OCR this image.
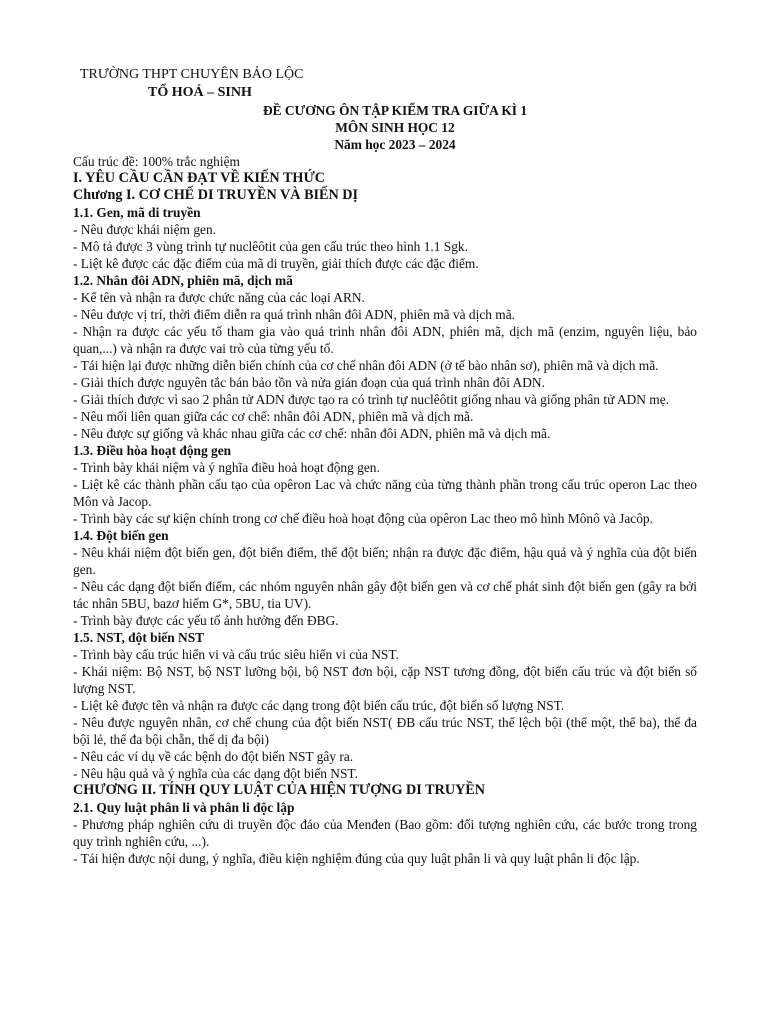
TRƯỜNG THPT CHUYÊN BẢO LỘC
TỔ HOÁ – SINH
ĐỀ CƯƠNG ÔN TẬP KIỂM TRA GIỮA KÌ 1
MÔN SINH HỌC 12
Năm học 2023 – 2024
Cấu trúc đề: 100% trắc nghiệm
I. YÊU CẦU CẦN ĐẠT VỀ KIẾN THỨC
Chương I. CƠ CHẾ DI TRUYỀN VÀ BIẾN DỊ
1.1. Gen, mã di truyền
- Nêu được khái niệm gen.
- Mô tả được 3 vùng trình tự nuclêôtit của gen cấu trúc theo hình 1.1 Sgk.
- Liệt kê được các đặc điểm của mã di truyền, giải thích được các đặc điểm.
1.2. Nhân đôi ADN, phiên mã, dịch mã
- Kể tên và nhận ra được chức năng của các loại ARN.
- Nêu được vị trí, thời điểm diễn ra quá trình nhân đôi ADN, phiên mã và dịch mã.
- Nhận ra được các yếu tố tham gia vào quá trình nhân đôi ADN, phiên mã, dịch mã (enzim, nguyên liệu, bảo quan,...) và nhận ra được vai trò của từng yếu tố.
- Tái hiện lại được những diễn biến chính của cơ chế nhân đôi ADN (ở tế bào nhân sơ), phiên mã và dịch mã.
- Giải thích được nguyên tắc bán bảo tồn và nửa gián đoạn của quá trình nhân đôi ADN.
- Giải thích được vì sao 2 phân tử ADN được tạo ra có trình tự nuclêôtit giống nhau và giống phân tử ADN mẹ.
- Nêu mối liên quan giữa các cơ chế: nhân đôi ADN, phiên mã và dịch mã.
- Nêu được sự giống và khác nhau giữa các cơ chế: nhân đôi ADN, phiên mã và dịch mã.
1.3. Điều hòa hoạt động gen
- Trình bày khái niệm và ý nghĩa điều hoà hoạt động gen.
- Liệt kê các thành phần cấu tạo của opêron Lac và chức năng của từng thành phần trong cấu trúc operon Lac theo Môn và Jacop.
- Trình bày các sự kiện chính trong cơ chế điều hoà hoạt động của opêron Lac theo mô hình Mônô và Jacôp.
1.4. Đột biến gen
- Nêu khái niệm đột biến gen, đột biến điểm, thể đột biến; nhận ra được đặc điểm, hậu quả và ý nghĩa của đột biến gen.
- Nêu các dạng đột biến điểm, các nhóm nguyên nhân gây đột biến gen và cơ chế phát sinh đột biến gen (gây ra bởi tác nhân 5BU, bazơ hiếm G*, 5BU, tia UV).
- Trình bày được các yếu tố ảnh hưởng đến ĐBG.
1.5. NST, đột biến NST
- Trình bày cấu trúc hiển vi và cấu trúc siêu hiển vi của NST.
- Khái niệm: Bộ NST, bộ NST lưỡng bội, bộ NST đơn bội, cặp NST tương đồng, đột biến cấu trúc và đột biến số lượng NST.
- Liệt kê được tên và nhận ra được các dạng trong đột biến cấu trúc, đột biến số lượng NST.
- Nêu được nguyên nhân, cơ chế chung của đột biến NST( ĐB cấu trúc NST, thể lệch bội (thể một, thể ba), thể đa bội lẻ, thể đa bội chẵn, thể dị đa bội)
- Nêu các ví dụ về các bệnh do đột biến NST gây ra.
- Nêu hậu quả và ý nghĩa của các dạng đột biến NST.
CHƯƠNG II. TÍNH QUY LUẬT CỦA HIỆN TƯỢNG DI TRUYỀN
2.1. Quy luật phân li và phân li độc lập
- Phương pháp nghiên cứu di truyền độc đáo của Menđen (Bao gồm: đối tượng nghiên cứu, các bước trong trong quy trình nghiên cứu, ...).
- Tái hiện được nội dung, ý nghĩa, điều kiện nghiệm đúng của quy luật phân li và quy luật phân li độc lập.
